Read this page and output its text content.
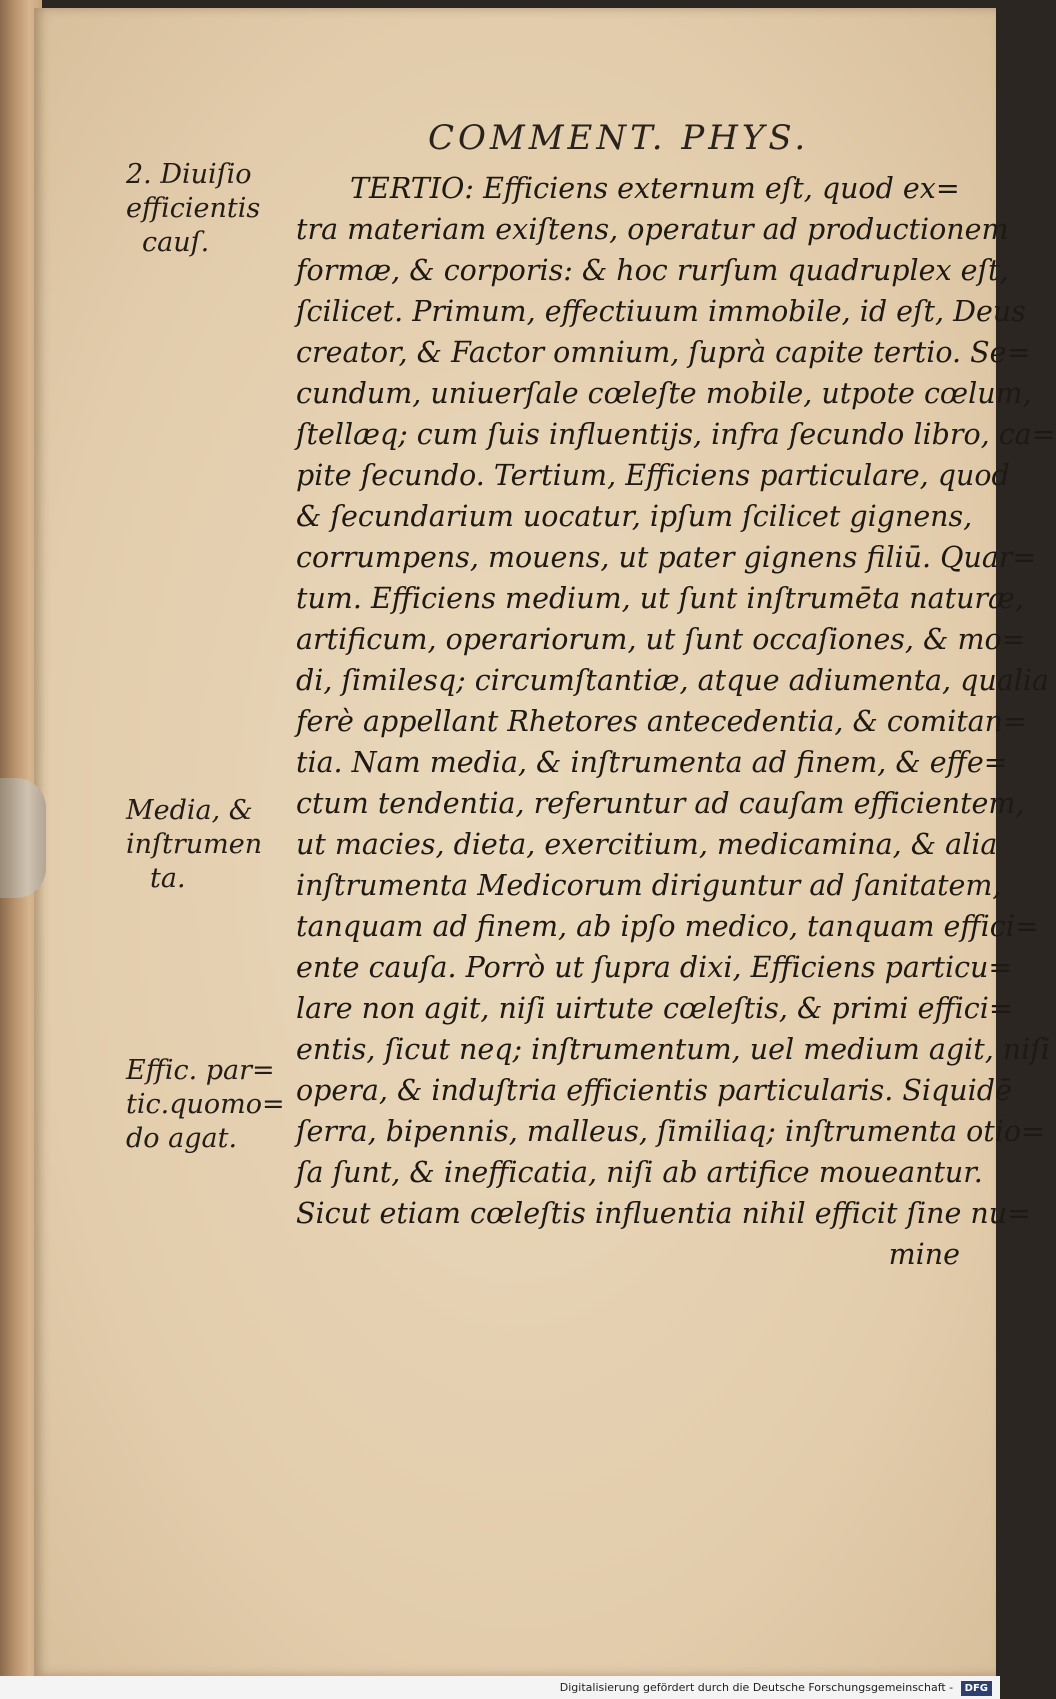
COMMENT. PHYS.
2. Diuiſio
efficientis
cauſ.
Media, &
inſtrumen
ta.
Effic. par=
tic.quomo=
do agat.
TERTIO: Efficiens externum eſt, quod ex=
tra materiam exiſtens, operatur ad productionem
formæ, & corporis: & hoc rurſum quadruplex eſt,
ſcilicet. Primum, effectiuum immobile, id eſt, Deus
creator, & Factor omnium, ſuprà capite tertio. Se=
cundum, uniuerſale cœleſte mobile, utpote cœlum,
ſtellæq; cum ſuis influentijs, infra ſecundo libro, ca=
pite ſecundo. Tertium, Efficiens particulare, quod
& ſecundarium uocatur, ipſum ſcilicet gignens,
corrumpens, mouens, ut pater gignens filiū. Quar=
tum. Efficiens medium, ut ſunt inſtrumēta naturæ,
artificum, operariorum, ut ſunt occaſiones, & mo=
di, ſimilesq; circumſtantiæ, atque adiumenta, qualia
ferè appellant Rhetores antecedentia, & comitan=
tia. Nam media, & inſtrumenta ad finem, & effe=
ctum tendentia, referuntur ad cauſam efficientem,
ut macies, dieta, exercitium, medicamina, & alia
inſtrumenta Medicorum diriguntur ad ſanitatem,
tanquam ad finem, ab ipſo medico, tanquam effici=
ente cauſa. Porrò ut ſupra dixi, Efficiens particu=
lare non agit, niſi uirtute cœleſtis, & primi effici=
entis, ſicut neq; inſtrumentum, uel medium agit, niſi
opera, & induſtria efficientis particularis. Siquidē
ſerra, bipennis, malleus, ſimiliaq; inſtrumenta otio=
ſa ſunt, & inefficatia, niſi ab artifice moueantur.
Sicut etiam cœleſtis influentia nihil efficit ſine nu=
mine
Digitalisierung gefördert durch die Deutsche Forschungsgemeinschaft - DFG
